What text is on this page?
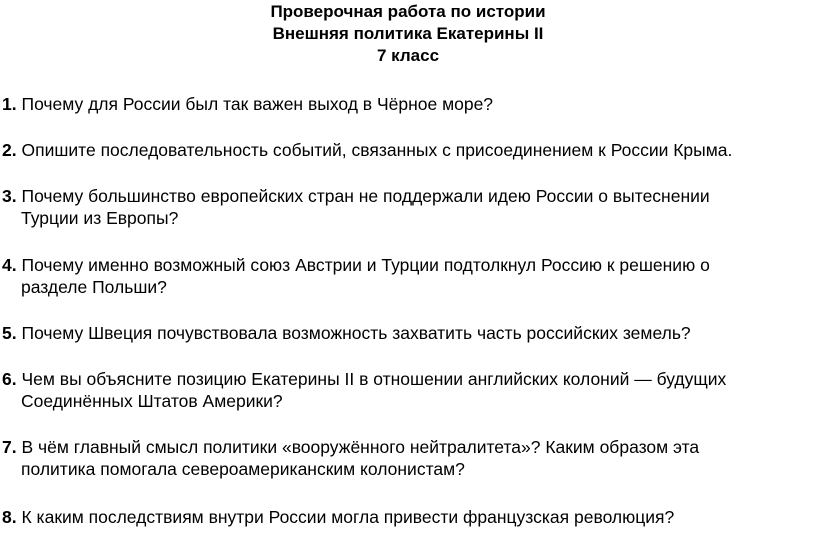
Проверочная работа по истории
Внешняя политика Екатерины II
7 класс
1. Почему для России был так важен выход в Чёрное море?
2. Опишите последовательность событий, связанных с присоединением к России Крыма.
3. Почему большинство европейских стран не поддержали идею России о вытеснении
Турции из Европы?
4. Почему именно возможный союз Австрии и Турции подтолкнул Россию к решению о
разделе Польши?
5. Почему Швеция почувствовала возможность захватить часть российских земель?
6. Чем вы объясните позицию Екатерины II в отношении английских колоний — будущих
Соединённых Штатов Америки?
7. В чём главный смысл политики «вооружённого нейтралитета»? Каким образом эта
политика помогала североамериканским колонистам?
8. К каким последствиям внутри России могла привести французская революция?
